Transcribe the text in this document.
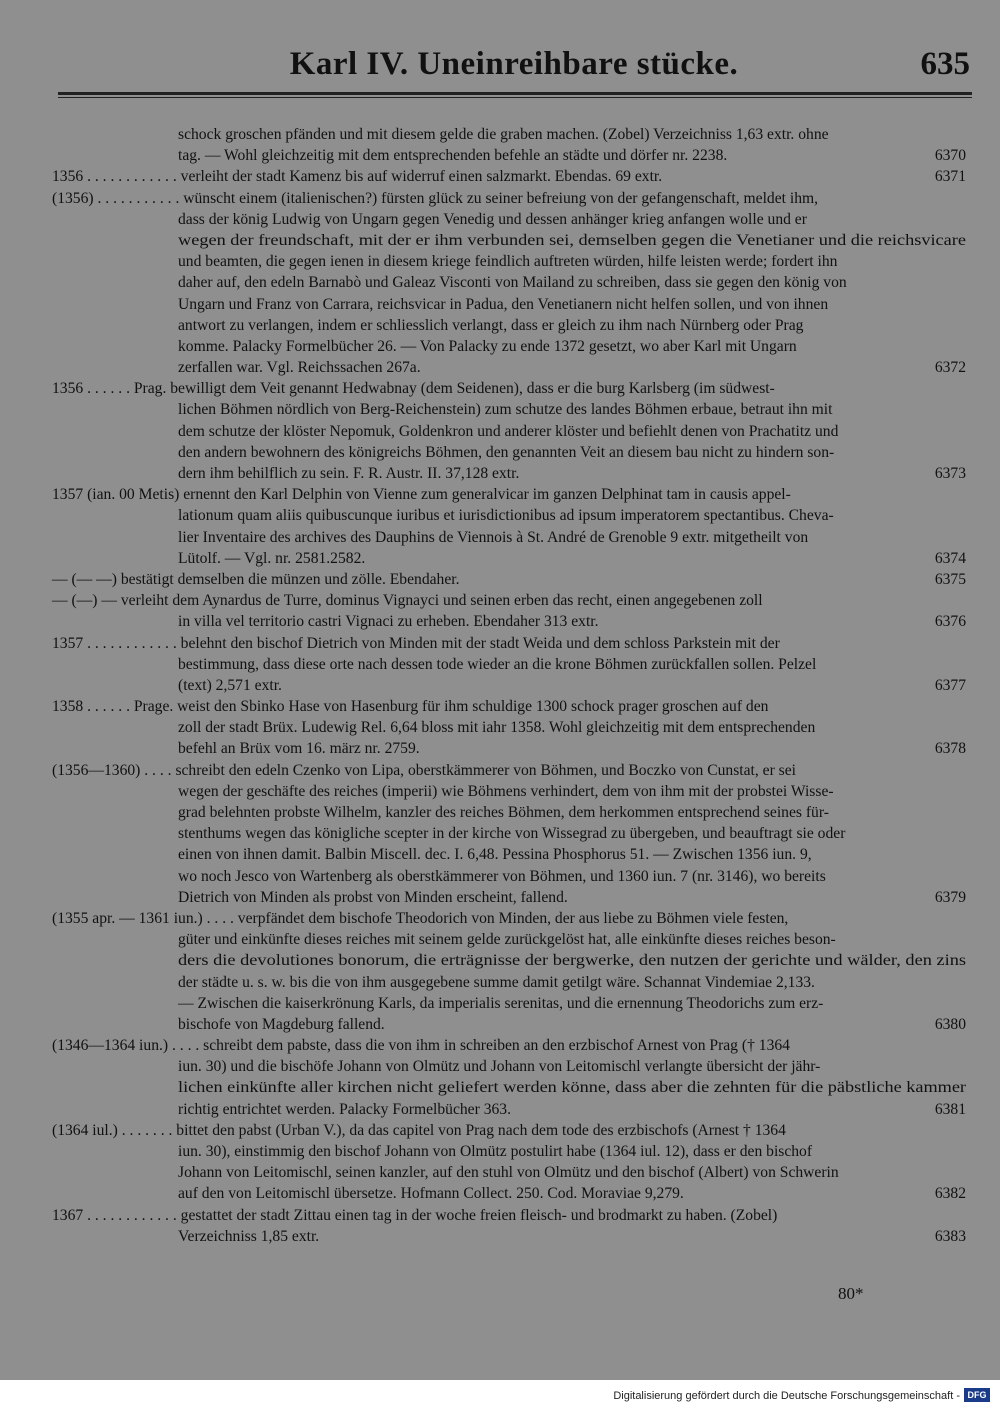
Karl IV. Uneinreihbare stücke.	635
schock groschen pfänden und mit diesem gelde die graben machen. (Zobel) Verzeichniss 1,63 extr. ohne
tag. — Wohl gleichzeitig mit dem entsprechenden befehle an städte und dörfer nr. 2238.	6370
1356 . . . . . . . . . . . . verleiht der stadt Kamenz bis auf widerruf einen salzmarkt. Ebendas. 69 extr.	6371
(1356) . . . . . . . . . . . wünscht einem (italienischen?) fürsten glück zu seiner befreiung von der gefangenschaft, meldet ihm,
dass der könig Ludwig von Ungarn gegen Venedig und dessen anhänger krieg anfangen wolle und er
wegen der freundschaft, mit der er ihm verbunden sei, demselben gegen die Venetianer und die reichsvicare
und beamten, die gegen ienen in diesem kriege feindlich auftreten würden, hilfe leisten werde; fordert ihn
daher auf, den edeln Barnabò und Galeaz Visconti von Mailand zu schreiben, dass sie gegen den könig von
Ungarn und Franz von Carrara, reichsvicar in Padua, den Venetianern nicht helfen sollen, und von ihnen
antwort zu verlangen, indem er schliesslich verlangt, dass er gleich zu ihm nach Nürnberg oder Prag
komme. Palacky Formelbücher 26. — Von Palacky zu ende 1372 gesetzt, wo aber Karl mit Ungarn
zerfallen war. Vgl. Reichssachen 267a.	6372
1356 . . . . . . Prag. bewilligt dem Veit genannt Hedwabnay (dem Seidenen), dass er die burg Karlsberg (im südwest-
lichen Böhmen nördlich von Berg-Reichenstein) zum schutze des landes Böhmen erbaue, betraut ihn mit
dem schutze der klöster Nepomuk, Goldenkron und anderer klöster und befiehlt denen von Prachatitz und
den andern bewohnern des königreichs Böhmen, den genannten Veit an diesem bau nicht zu hindern son-
dern ihm behilflich zu sein. F. R. Austr. II. 37,128 extr.	6373
1357 (ian. 00 Metis) ernennt den Karl Delphin von Vienne zum generalvicar im ganzen Delphinat tam in causis appel-
lationum quam aliis quibuscunque iuribus et iurisdictionibus ad ipsum imperatorem spectantibus. Cheva-
lier Inventaire des archives des Dauphins de Viennois à St. André de Grenoble 9 extr. mitgetheilt von
Lütolf. — Vgl. nr. 2581.2582.	6374
— (— —) bestätigt demselben die münzen und zölle. Ebendaher.	6375
— (—) — verleiht dem Aynardus de Turre, dominus Vignayci und seinen erben das recht, einen angegebenen zoll
in villa vel territorio castri Vignaci zu erheben. Ebendaher 313 extr.	6376
1357 . . . . . . . . . . . . belehnt den bischof Dietrich von Minden mit der stadt Weida und dem schloss Parkstein mit der
bestimmung, dass diese orte nach dessen tode wieder an die krone Böhmen zurückfallen sollen. Pelzel
(text) 2,571 extr.	6377
1358 . . . . . . Prage. weist den Sbinko Hase von Hasenburg für ihm schuldige 1300 schock prager groschen auf den
zoll der stadt Brüx. Ludewig Rel. 6,64 bloss mit iahr 1358. Wohl gleichzeitig mit dem entsprechenden
befehl an Brüx vom 16. märz nr. 2759.	6378
(1356—1360) . . . . schreibt den edeln Czenko von Lipa, oberstkämmerer von Böhmen, und Boczko von Cunstat, er sei
wegen der geschäfte des reiches (imperii) wie Böhmens verhindert, dem von ihm mit der probstei Wisse-
grad belehnten probste Wilhelm, kanzler des reiches Böhmen, dem herkommen entsprechend seines für-
stenthums wegen das königliche scepter in der kirche von Wissegrad zu übergeben, und beauftragt sie oder
einen von ihnen damit. Balbin Miscell. dec. I. 6,48. Pessina Phosphorus 51. — Zwischen 1356 iun. 9,
wo noch Jesco von Wartenberg als oberstkämmerer von Böhmen, und 1360 iun. 7 (nr. 3146), wo bereits
Dietrich von Minden als probst von Minden erscheint, fallend.	6379
(1355 apr. — 1361 iun.) . . . . verpfändet dem bischofe Theodorich von Minden, der aus liebe zu Böhmen viele festen,
güter und einkünfte dieses reiches mit seinem gelde zurückgelöst hat, alle einkünfte dieses reiches beson-
ders die devolutiones bonorum, die erträgnisse der bergwerke, den nutzen der gerichte und wälder, den zins
der städte u. s. w. bis die von ihm ausgegebene summe damit getilgt wäre. Schannat Vindemiae 2,133.
— Zwischen die kaiserkrönung Karls, da imperialis serenitas, und die ernennung Theodorichs zum erz-
bischofe von Magdeburg fallend.	6380
(1346—1364 iun.) . . . . schreibt dem pabste, dass die von ihm in schreiben an den erzbischof Arnest von Prag († 1364
iun. 30) und die bischöfe Johann von Olmütz und Johann von Leitomischl verlangte übersicht der jähr-
lichen einkünfte aller kirchen nicht geliefert werden könne, dass aber die zehnten für die päbstliche kammer
richtig entrichtet werden. Palacky Formelbücher 363.	6381
(1364 iul.) . . . . . . . bittet den pabst (Urban V.), da das capitel von Prag nach dem tode des erzbischofs (Arnest † 1364
iun. 30), einstimmig den bischof Johann von Olmütz postulirt habe (1364 iul. 12), dass er den bischof
Johann von Leitomischl, seinen kanzler, auf den stuhl von Olmütz und den bischof (Albert) von Schwerin
auf den von Leitomischl übersetze. Hofmann Collect. 250. Cod. Moraviae 9,279.	6382
1367 . . . . . . . . . . . . gestattet der stadt Zittau einen tag in der woche freien fleisch- und brodmarkt zu haben. (Zobel)
Verzeichniss 1,85 extr.	6383
80*
Digitalisierung gefördert durch die Deutsche Forschungsgemeinschaft - DFG
